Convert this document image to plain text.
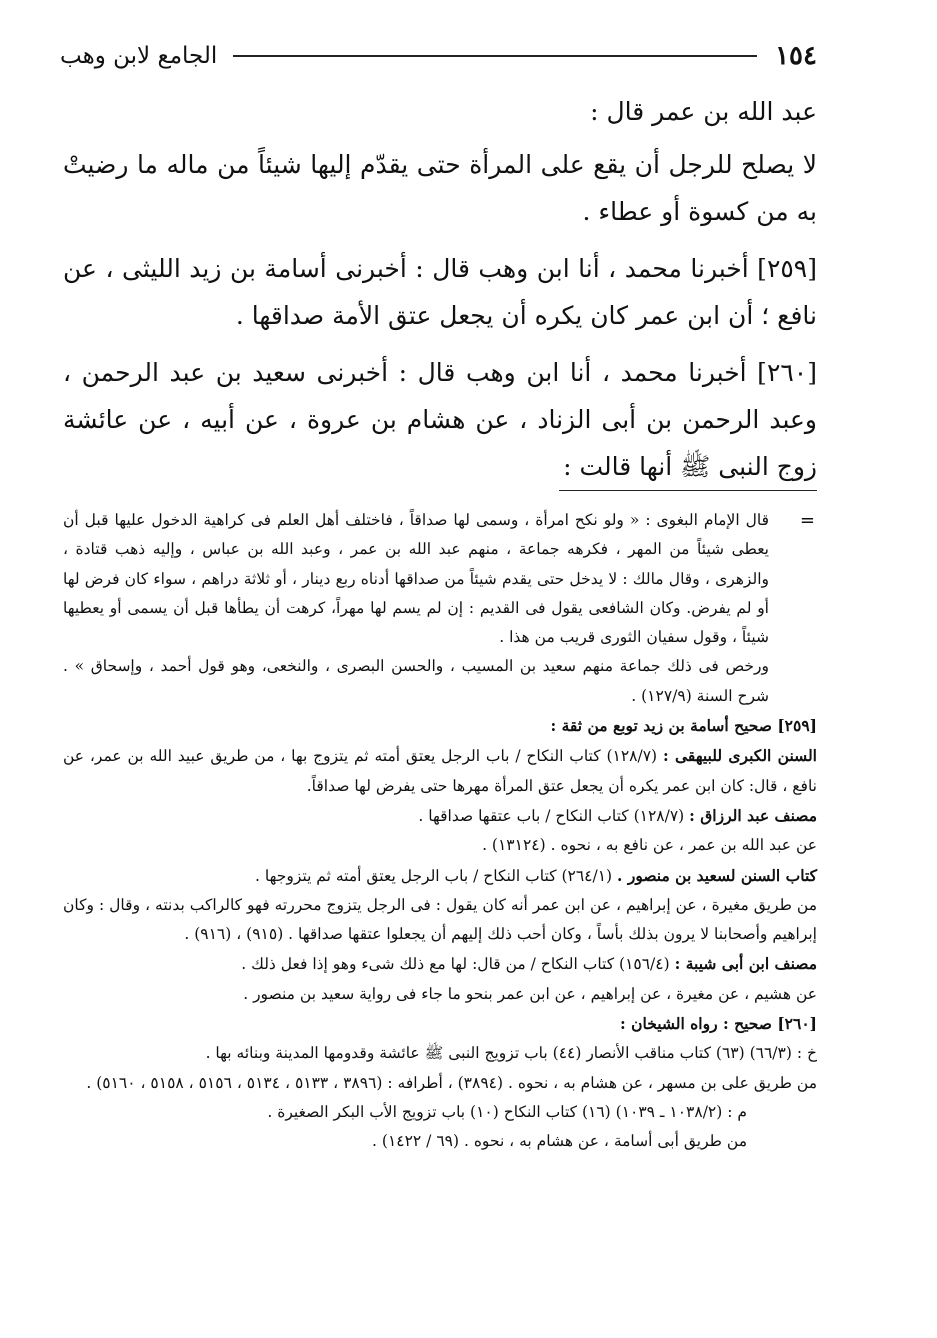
١٥٤
الجامع لابن وهب

عبد الله بن عمر قال :

لا يصلح للرجل أن يقع على المرأة حتى يقدّم إليها شيئاً من ماله ما رضيتْ به من كسوة أو عطاء .

[٢٥٩] أخبرنا محمد ، أنا ابن وهب قال : أخبرنى أسامة بن زيد الليثى ، عن نافع ؛ أن ابن عمر كان يكره أن يجعل عتق الأمة صداقها .

[٢٦٠] أخبرنا محمد ، أنا ابن وهب قال : أخبرنى سعيد بن عبد الرحمن ، وعبد الرحمن بن أبى الزناد ، عن هشام بن عروة ، عن أبيه ، عن عائشة زوج النبى ﷺ أنها قالت :

=

قال الإمام البغوى : « ولو نكح امرأة ، وسمى لها صداقاً ، فاختلف أهل العلم فى كراهية الدخول عليها قبل أن يعطى شيئاً من المهر ، فكرهه جماعة ، منهم عبد الله بن عمر ، وعبد الله بن عباس ، وإليه ذهب قتادة ، والزهرى ، وقال مالك : لا يدخل حتى يقدم شيئاً من صداقها أدناه ربع دينار ، أو ثلاثة دراهم ، سواء كان فرض لها أو لم يفرض. وكان الشافعى يقول فى القديم : إن لم يسم لها مهراً، كرهت أن يطأها قبل أن يسمى أو يعطيها شيئاً ، وقول سفيان الثورى قريب من هذا .

ورخص فى ذلك جماعة منهم سعيد بن المسيب ، والحسن البصرى ، والنخعى، وهو قول أحمد ، وإسحاق » . شرح السنة (١٢٧/٩) .

[٢٥٩] صحيح أسامة بن زيد توبع من ثقة :

السنن الكبرى للبيهقى : (١٢٨/٧) كتاب النكاح / باب الرجل يعتق أمته ثم يتزوج بها ، من طريق عبيد الله بن عمر، عن نافع ، قال: كان ابن عمر يكره أن يجعل عتق المرأة مهرها حتى يفرض لها صداقاً.

مصنف عبد الرزاق : (١٢٨/٧) كتاب النكاح / باب عتقها صداقها .

عن عبد الله بن عمر ، عن نافع به ، نحوه . (١٣١٢٤) .

كتاب السنن لسعيد بن منصور . (٢٦٤/١) كتاب النكاح / باب الرجل يعتق أمته ثم يتزوجها .

من طريق مغيرة ، عن إبراهيم ، عن ابن عمر أنه كان يقول : فى الرجل يتزوج محررته فهو كالراكب بدنته ، وقال : وكان إبراهيم وأصحابنا لا يرون بذلك بأساً ، وكان أحب ذلك إليهم أن يجعلوا عتقها صداقها . (٩١٥) ، (٩١٦) .

مصنف ابن أبى شيبة : (١٥٦/٤) كتاب النكاح / من قال: لها مع ذلك شىء وهو إذا فعل ذلك .

عن هشيم ، عن مغيرة ، عن إبراهيم ، عن ابن عمر بنحو ما جاء فى رواية سعيد بن منصور .

[٢٦٠] صحيح : رواه الشيخان :

خ : (٦٦/٣) (٦٣) كتاب مناقب الأنصار (٤٤) باب تزويج النبى ﷺ عائشة وقدومها المدينة وبنائه بها .

من طريق على بن مسهر ، عن هشام به ، نحوه . (٣٨٩٤) ، أطرافه : (٣٨٩٦ ، ٥١٣٣ ، ٥١٣٤ ، ٥١٥٦ ، ٥١٥٨ ، ٥١٦٠) .

م : (١٠٣٨/٢ ـ ١٠٣٩) (١٦) كتاب النكاح (١٠) باب تزويج الأب البكر الصغيرة .

من طريق أبى أسامة ، عن هشام به ، نحوه . (٦٩ / ١٤٢٢) .
